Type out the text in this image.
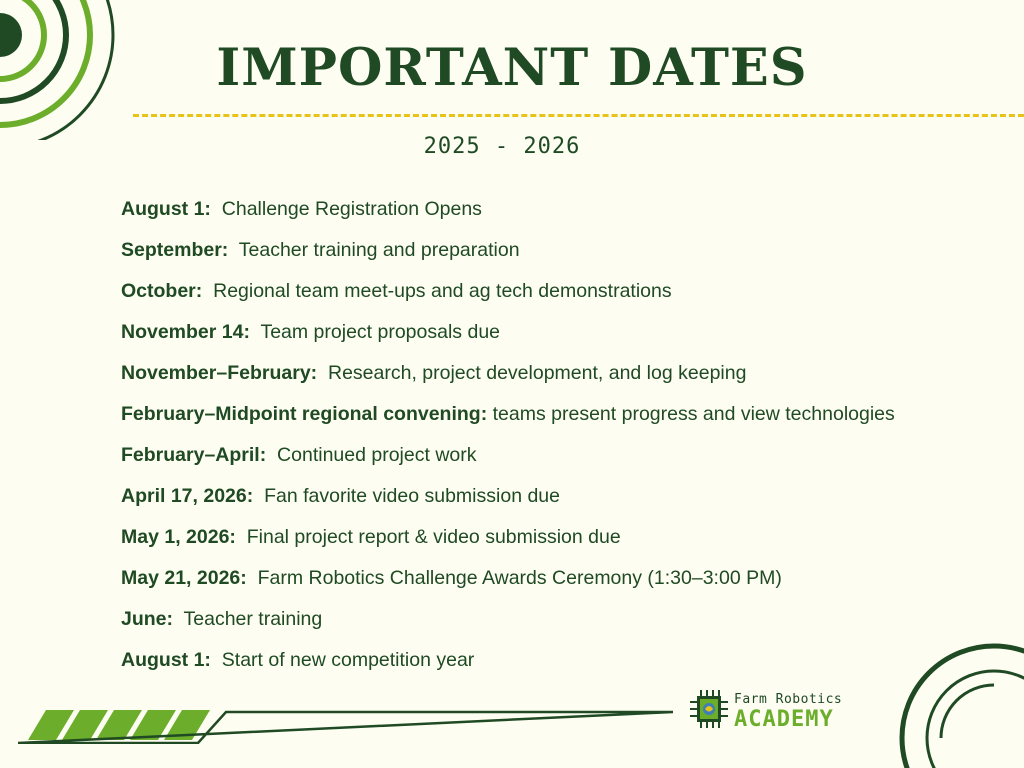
IMPORTANT DATES
2025 - 2026
August 1: Challenge Registration Opens
September: Teacher training and preparation
October: Regional team meet-ups and ag tech demonstrations
November 14: Team project proposals due
November–February: Research, project development, and log keeping
February–Midpoint regional convening: teams present progress and view technologies
February–April: Continued project work
April 17, 2026: Fan favorite video submission due
May 1, 2026: Final project report & video submission due
May 21, 2026: Farm Robotics Challenge Awards Ceremony (1:30–3:00 PM)
June: Teacher training
August 1: Start of new competition year
Farm Robotics
ACADEMY
